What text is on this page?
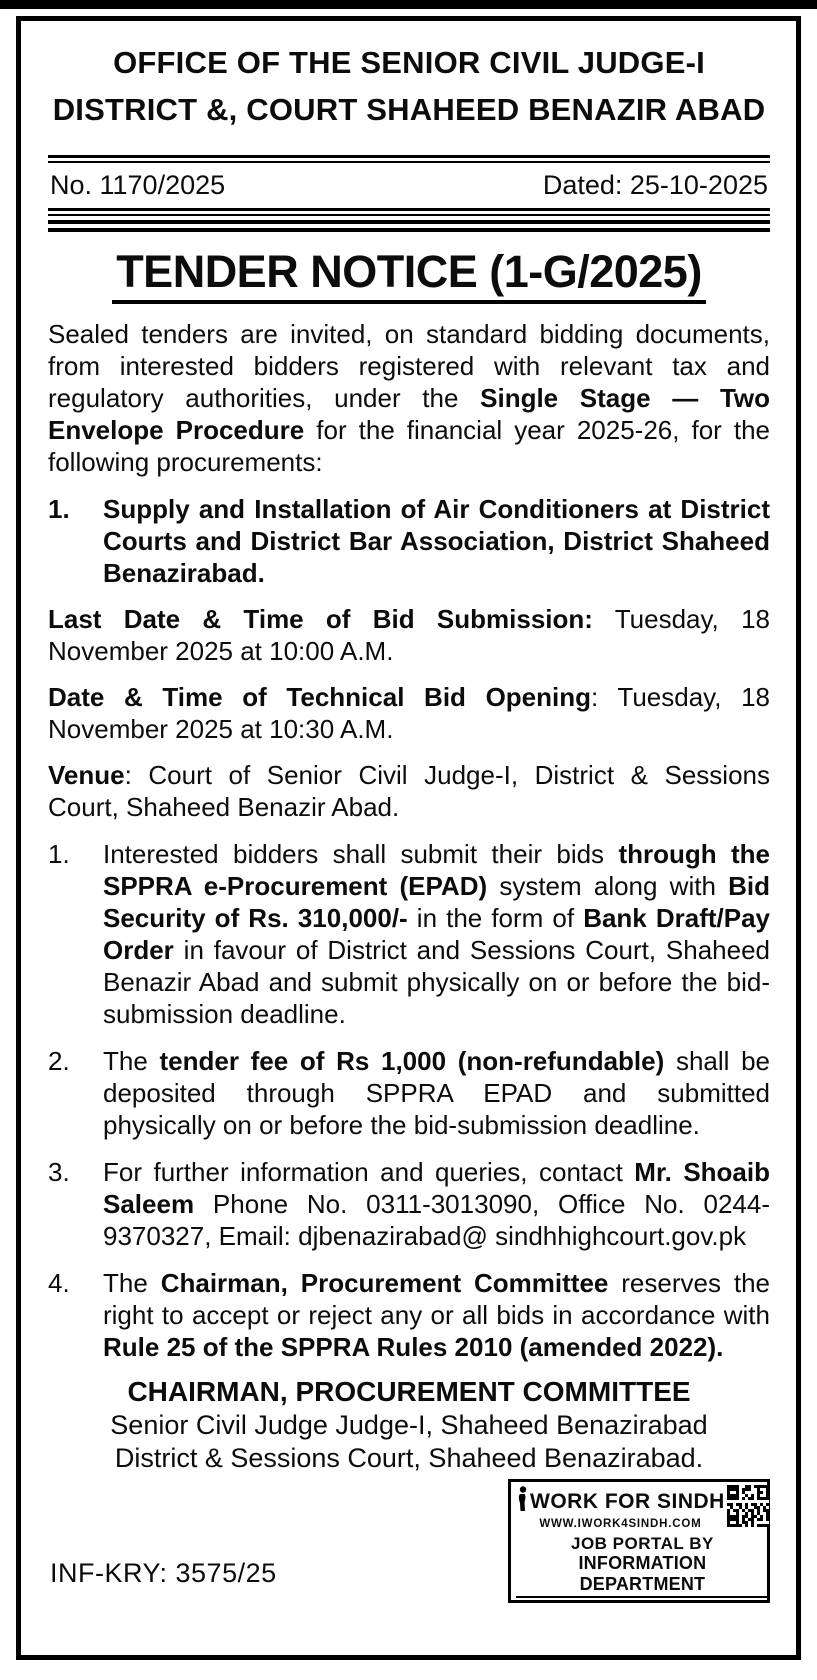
OFFICE OF THE SENIOR CIVIL JUDGE-I
DISTRICT &, COURT SHAHEED BENAZIR ABAD
No. 1170/2025	Dated: 25-10-2025
TENDER NOTICE (1-G/2025)

Sealed tenders are invited, on standard bidding documents, from interested bidders registered with relevant tax and regulatory authorities, under the Single Stage — Two Envelope Procedure for the financial year 2025-26, for the following procurements:

1.	Supply and Installation of Air Conditioners at District Courts and District Bar Association, District Shaheed Benazirabad.

Last Date & Time of Bid Submission: Tuesday, 18 November 2025 at 10:00 A.M.

Date & Time of Technical Bid Opening: Tuesday, 18 November 2025 at 10:30 A.M.

Venue: Court of Senior Civil Judge-I, District & Sessions Court, Shaheed Benazir Abad.

1.	Interested bidders shall submit their bids through the SPPRA e-Procurement (EPAD) system along with Bid Security of Rs. 310,000/- in the form of Bank Draft/Pay Order in favour of District and Sessions Court, Shaheed Benazir Abad and submit physically on or before the bid-submission deadline.
2.	The tender fee of Rs 1,000 (non-refundable) shall be deposited through SPPRA EPAD and submitted physically on or before the bid-submission deadline.
3.	For further information and queries, contact Mr. Shoaib Saleem Phone No. 0311-3013090, Office No. 0244-9370327, Email: djbenazirabad@ sindhhighcourt.gov.pk
4.	The Chairman, Procurement Committee reserves the right to accept or reject any or all bids in accordance with Rule 25 of the SPPRA Rules 2010 (amended 2022).
CHAIRMAN, PROCUREMENT COMMITTEE
Senior Civil Judge Judge-I, Shaheed Benazirabad
District & Sessions Court, Shaheed Benazirabad.
INF-KRY: 3575/25
WORK FOR SINDH
WWW.IWORK4SINDH.COM
JOB PORTAL BY
INFORMATION DEPARTMENT
